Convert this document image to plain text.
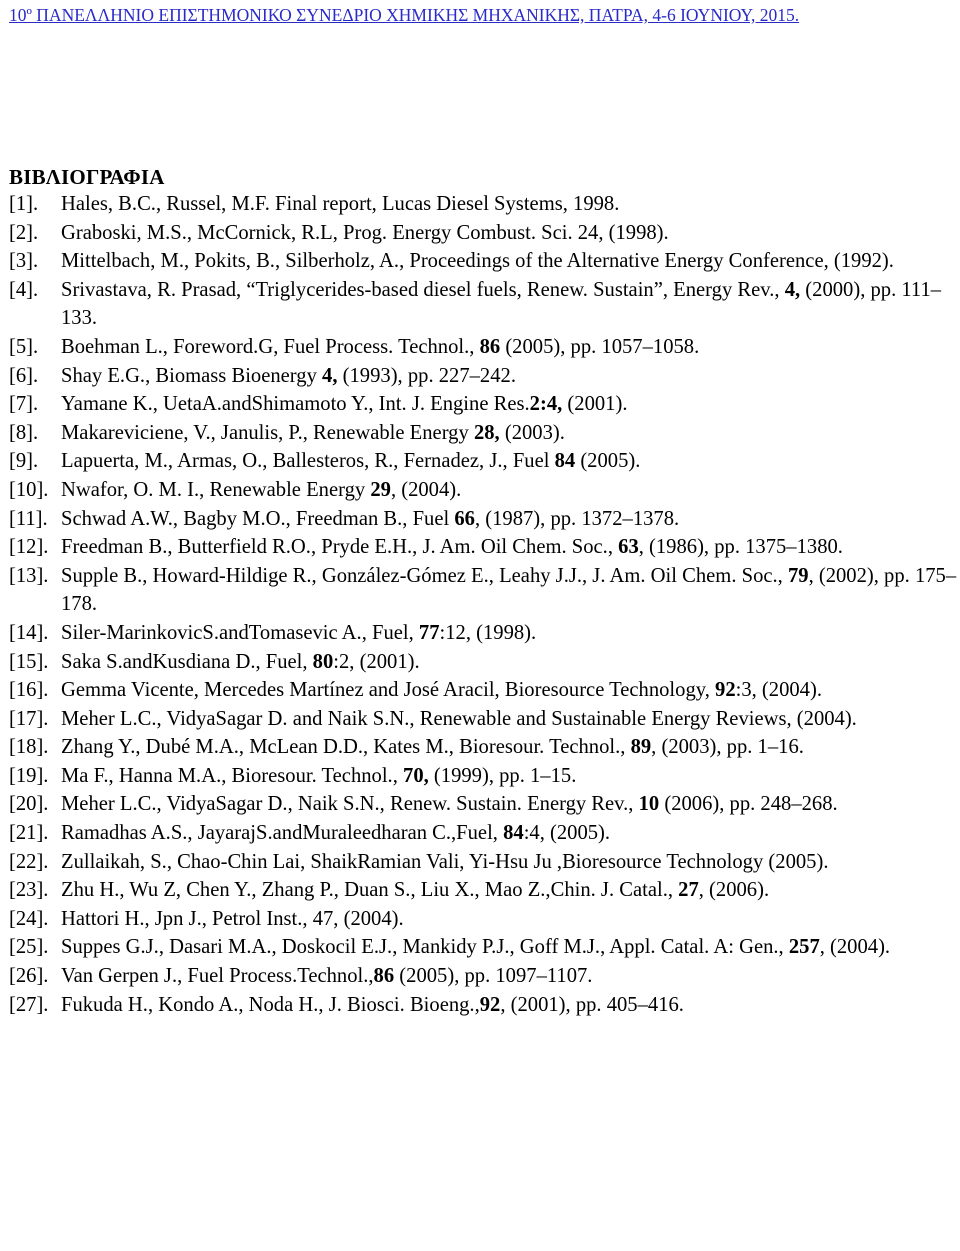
10º ΠΑΝΕΛΛΗΝΙΟ ΕΠΙΣΤΗΜΟΝΙΚΟ ΣΥΝΕΔΡΙΟ ΧΗΜΙΚΗΣ ΜΗΧΑΝΙΚΗΣ, ΠΑΤΡΑ, 4-6 ΙΟΥΝΙΟΥ, 2015.
ΒΙΒΛΙΟΓΡΑΦΙΑ
[1].	Hales, B.C., Russel, M.F. Final report, Lucas Diesel Systems, 1998.
[2].	Graboski, M.S., McCornick, R.L, Prog. Energy Combust. Sci. 24, (1998).
[3].	Mittelbach, M., Pokits, B., Silberholz, A., Proceedings of the Alternative Energy Conference, (1992).
[4].	Srivastava, R. Prasad, “Triglycerides-based diesel fuels, Renew. Sustain”, Energy Rev., 4, (2000), pp. 111–133.
[5].	Boehman L., Foreword.G, Fuel Process. Technol., 86 (2005), pp. 1057–1058.
[6].	Shay E.G., Biomass Bioenergy 4, (1993), pp. 227–242.
[7].	Yamane K., UetaA.andShimamoto Y., Int. J. Engine Res.2:4, (2001).
[8].	Makareviciene, V., Janulis, P., Renewable Energy 28, (2003).
[9].	Lapuerta, M., Armas, O., Ballesteros, R., Fernadez, J., Fuel 84 (2005).
[10]. Nwafor, O. M. I., Renewable Energy 29, (2004).
[11]. Schwad A.W., Bagby M.O., Freedman B., Fuel 66, (1987), pp. 1372–1378.
[12]. Freedman B., Butterfield R.O., Pryde E.H., J. Am. Oil Chem. Soc., 63, (1986), pp. 1375–1380.
[13]. Supple B., Howard-Hildige R., González-Gómez E., Leahy J.J., J. Am. Oil Chem. Soc., 79, (2002), pp. 175–178.
[14]. Siler-MarinkovicS.andTomasevic A., Fuel, 77:12, (1998).
[15]. Saka S.andKusdiana D., Fuel, 80:2, (2001).
[16]. Gemma Vicente, Mercedes Martínez and José Aracil, Bioresource Technology, 92:3, (2004).
[17]. Meher L.C., VidyaSagar D. and Naik S.N., Renewable and Sustainable Energy Reviews, (2004).
[18]. Zhang Y., Dubé M.A., McLean D.D., Kates M., Bioresour. Technol., 89, (2003), pp. 1–16.
[19]. Ma F., Hanna M.A., Bioresour. Technol., 70, (1999), pp. 1–15.
[20]. Meher L.C., VidyaSagar D., Naik S.N., Renew. Sustain. Energy Rev., 10 (2006), pp. 248–268.
[21]. Ramadhas A.S., JayarajS.andMuraleedharan C.,Fuel, 84:4, (2005).
[22]. Zullaikah, S., Chao-Chin Lai, ShaikRamian Vali, Yi-Hsu Ju ,Bioresource Technology (2005).
[23]. Zhu H., Wu Z, Chen Y., Zhang P., Duan S., Liu X., Mao Z.,Chin. J. Catal., 27, (2006).
[24]. Hattori H., Jpn J., Petrol Inst., 47, (2004).
[25]. Suppes G.J., Dasari M.A., Doskocil E.J., Mankidy P.J., Goff M.J., Appl. Catal. A: Gen., 257, (2004).
[26]. Van Gerpen J., Fuel Process.Technol.,86 (2005), pp. 1097–1107.
[27]. Fukuda H., Kondo A., Noda H., J. Biosci. Bioeng.,92, (2001), pp. 405–416.
